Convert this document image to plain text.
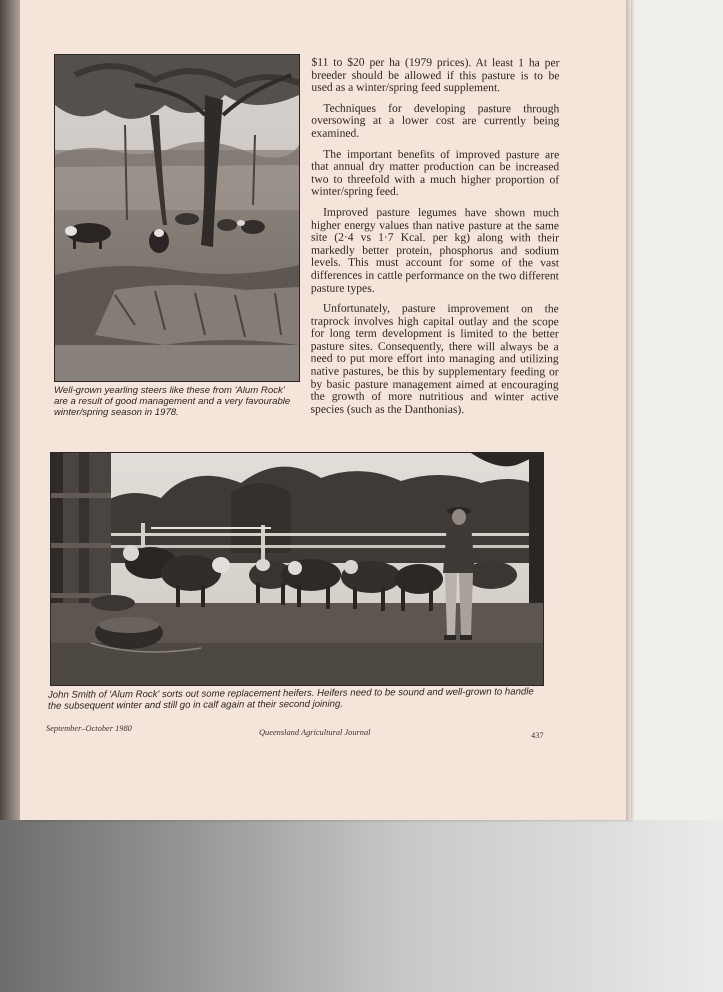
Well-grown yearling steers like these from 'Alum Rock' are a result of good management and a very favourable winter/spring season in 1978.

$11 to $20 per ha (1979 prices). At least 1 ha per breeder should be allowed if this pasture is to be used as a winter/spring feed supplement.

Techniques for developing pasture through oversowing at a lower cost are currently being examined.

The important benefits of improved pasture are that annual dry matter production can be increased two to threefold with a much higher proportion of winter/spring feed.

Improved pasture legumes have shown much higher energy values than native pasture at the same site (2·4 vs 1·7 Kcal. per kg) along with their markedly better protein, phosphorus and sodium levels. This must account for some of the vast differences in cattle performance on the two different pasture types.

Unfortunately, pasture improvement on the traprock involves high capital outlay and the scope for long term development is limited to the better pasture sites. Consequently, there will always be a need to put more effort into managing and utilizing native pastures, be this by supplementary feeding or by basic pasture management aimed at encouraging the growth of more nutritious and winter active species (such as the Danthonias).

John Smith of 'Alum Rock' sorts out some replacement heifers. Heifers need to be sound and well-grown to handle the subsequent winter and still go in calf again at their second joining.
September–October 1980	Queensland Agricultural Journal	437
